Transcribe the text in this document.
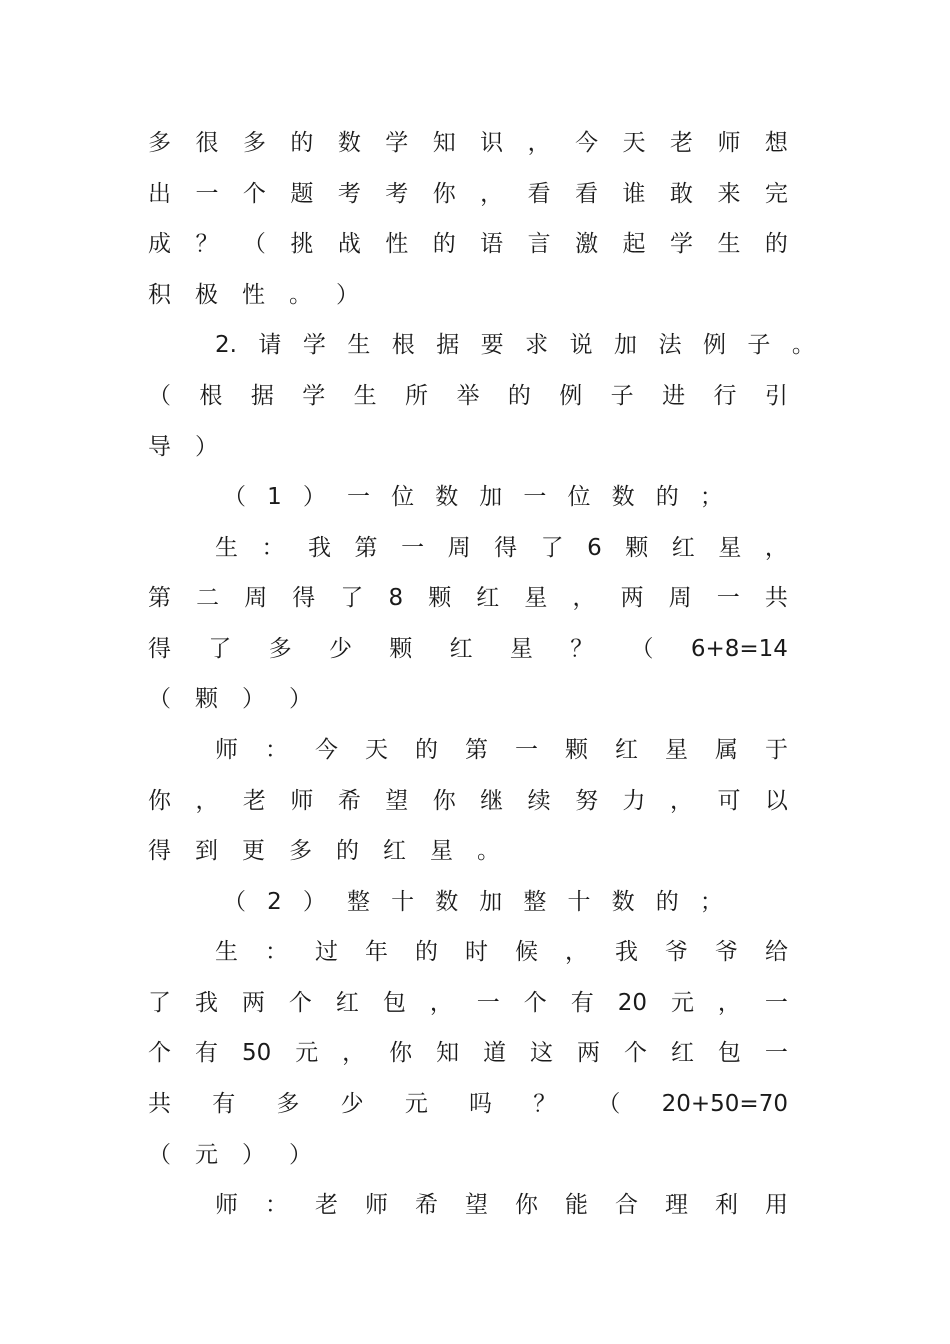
多 很 多 的 数 学 知 识 ， 今 天 老 师 想
出 一 个 题 考 考 你 ， 看 看 谁 敢 来 完
成 ？ （ 挑 战 性 的 语 言 激 起 学 生 的
积 极 性 。 ）
2. 请 学 生 根 据 要 求 说 加 法 例 子 。
（ 根 据 学 生 所 举 的 例 子 进 行 引
导 ）
（ 1 ） 一 位 数 加 一 位 数 的 ；
生 ： 我 第 一 周 得 了 6 颗 红 星 ，
第 二 周 得 了 8 颗 红 星 ， 两 周 一 共
得 了 多 少 颗 红 星 ？ （ 6+8=14
（ 颗 ） ）
师 ： 今 天 的 第 一 颗 红 星 属 于
你 ， 老 师 希 望 你 继 续 努 力 ， 可 以
得 到 更 多 的 红 星 。
（ 2 ） 整 十 数 加 整 十 数 的 ；
生 ： 过 年 的 时 候 ， 我 爷 爷 给
了 我 两 个 红 包 ， 一 个 有 20 元 ， 一
个 有 50 元 ， 你 知 道 这 两 个 红 包 一
共 有 多 少 元 吗 ？ （ 20+50=70
（ 元 ） ）
师 ： 老 师 希 望 你 能 合 理 利 用
